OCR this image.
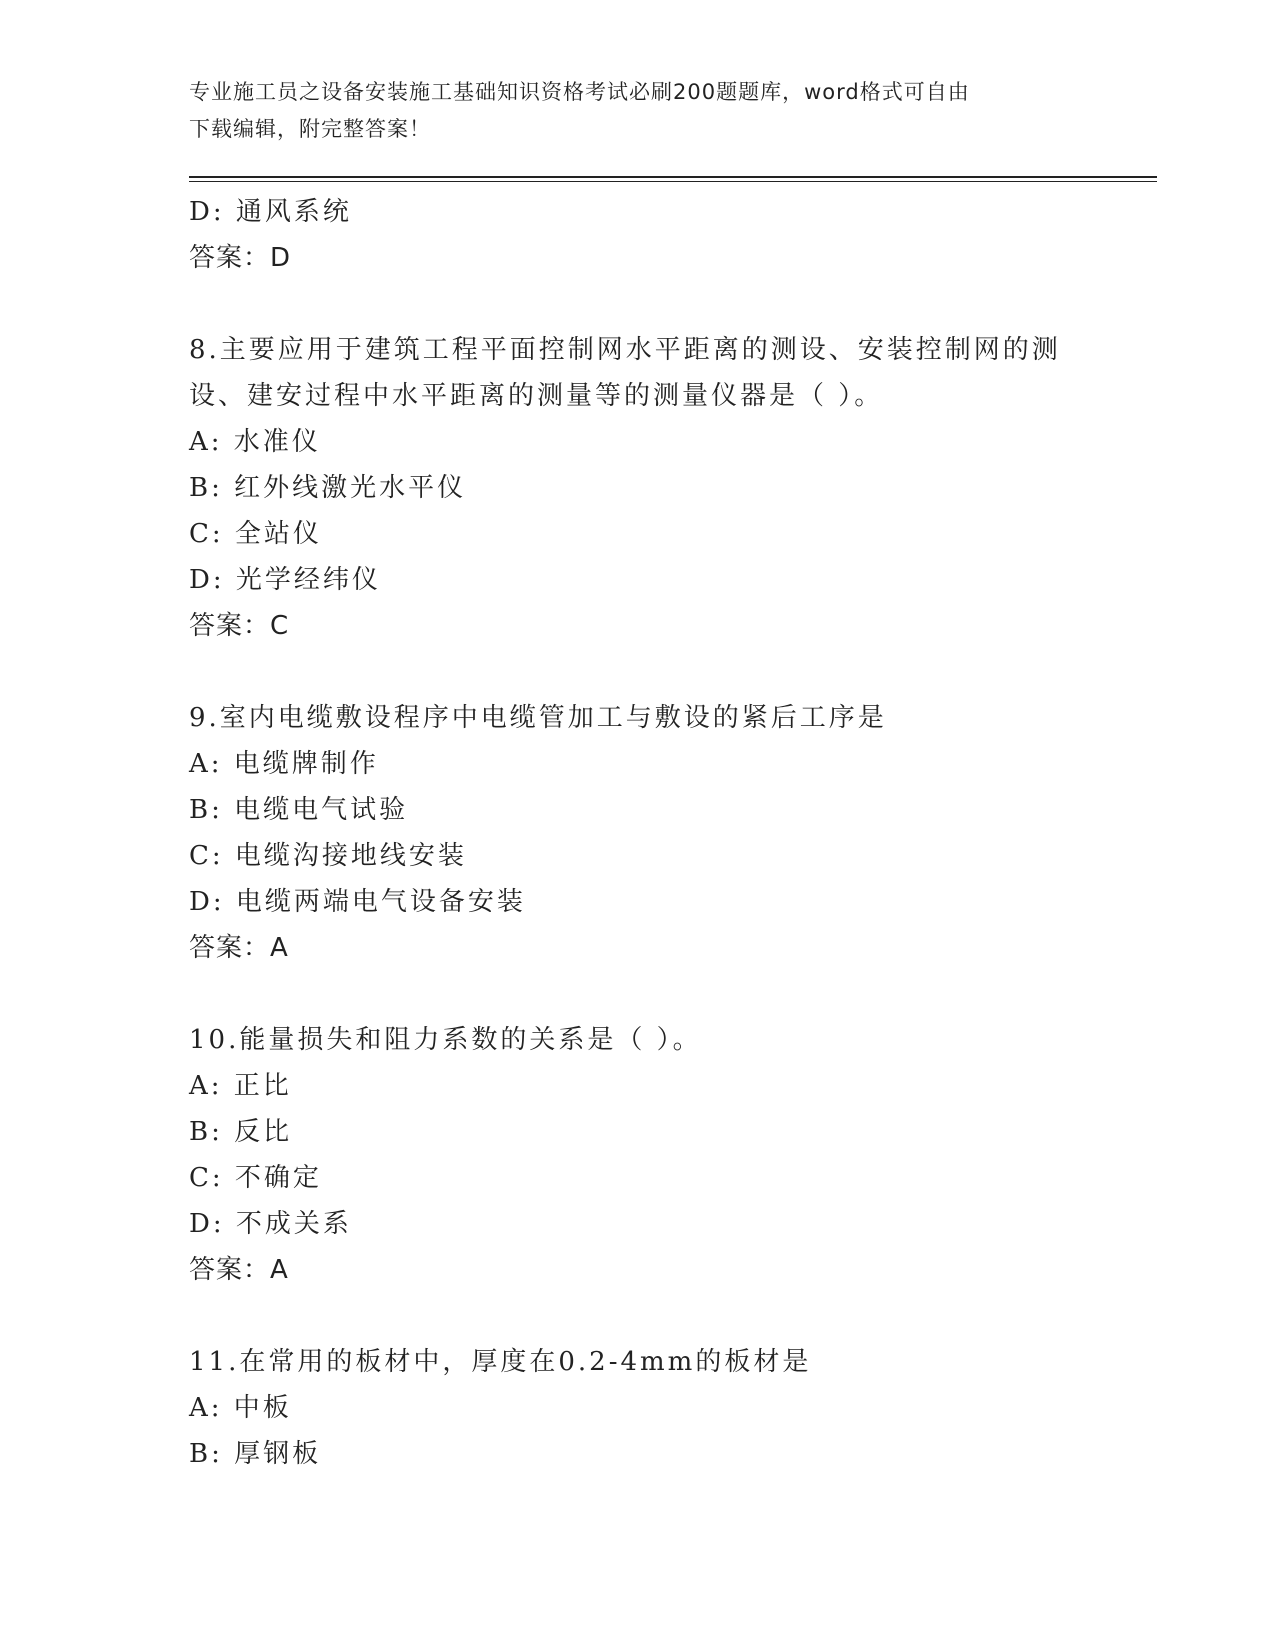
专业施工员之设备安装施工基础知识资格考试必刷200题题库，word格式可自由
下载编辑，附完整答案！
D: 通风系统
答案：D
8.主要应用于建筑工程平面控制网水平距离的测设、安装控制网的测
设、建安过程中水平距离的测量等的测量仪器是（ ）。
A: 水准仪
B: 红外线激光水平仪
C: 全站仪
D: 光学经纬仪
答案：C
9.室内电缆敷设程序中电缆管加工与敷设的紧后工序是
A: 电缆牌制作
B: 电缆电气试验
C: 电缆沟接地线安装
D: 电缆两端电气设备安装
答案：A
10.能量损失和阻力系数的关系是（ ）。
A: 正比
B: 反比
C: 不确定
D: 不成关系
答案：A
11.在常用的板材中，厚度在0.2-4mm的板材是
A: 中板
B: 厚钢板
